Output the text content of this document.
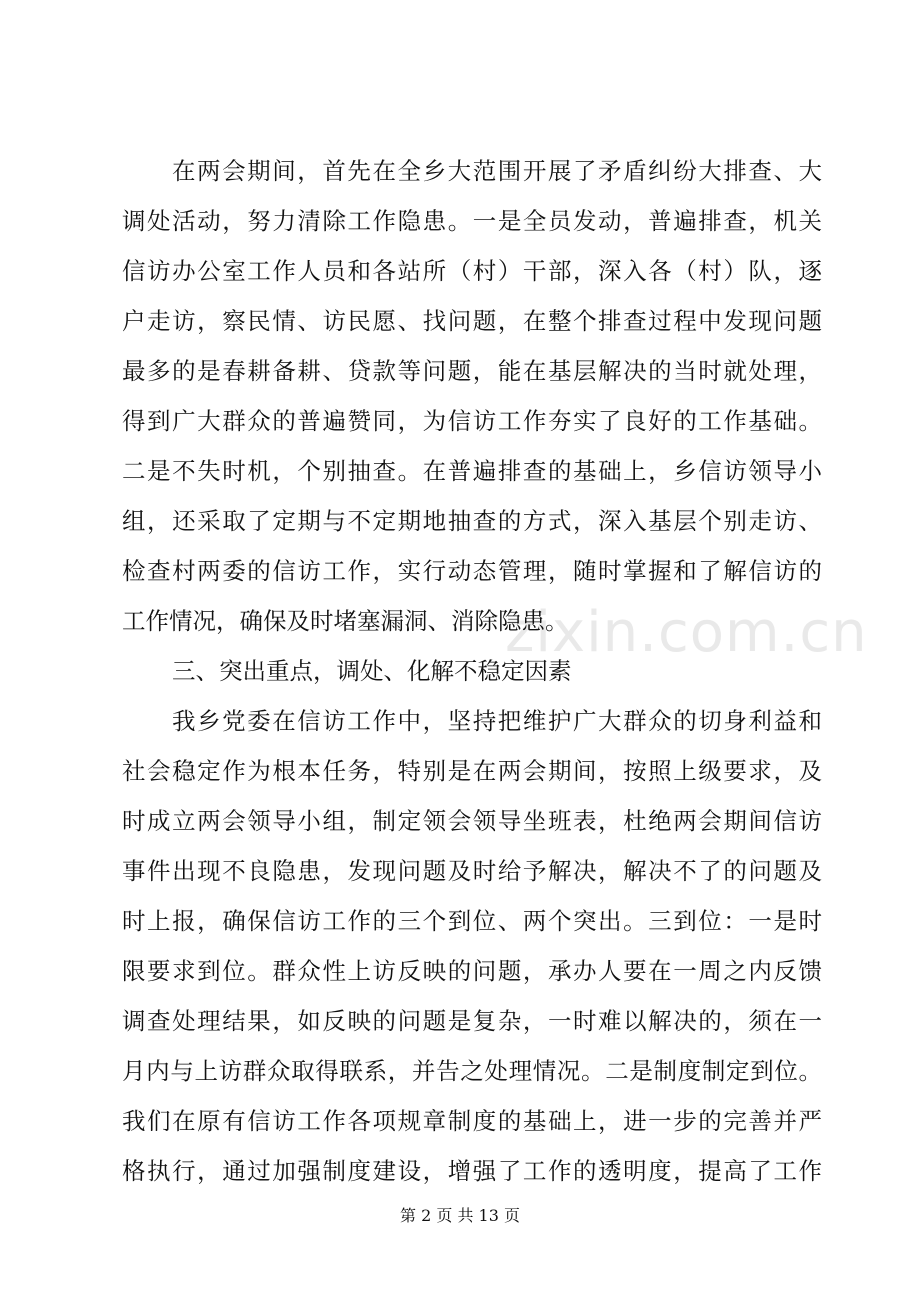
zixin.com.cn
在两会期间，首先在全乡大范围开展了矛盾纠纷大排查、大
调处活动，努力清除工作隐患。一是全员发动，普遍排查，机关
信访办公室工作人员和各站所（村）干部，深入各（村）队，逐
户走访，察民情、访民愿、找问题，在整个排查过程中发现问题
最多的是春耕备耕、贷款等问题，能在基层解决的当时就处理，
得到广大群众的普遍赞同，为信访工作夯实了良好的工作基础。
二是不失时机，个别抽查。在普遍排查的基础上，乡信访领导小
组，还采取了定期与不定期地抽查的方式，深入基层个别走访、
检查村两委的信访工作，实行动态管理，随时掌握和了解信访的
工作情况，确保及时堵塞漏洞、消除隐患。
三、突出重点，调处、化解不稳定因素
我乡党委在信访工作中，坚持把维护广大群众的切身利益和
社会稳定作为根本任务，特别是在两会期间，按照上级要求，及
时成立两会领导小组，制定领会领导坐班表，杜绝两会期间信访
事件出现不良隐患，发现问题及时给予解决，解决不了的问题及
时上报，确保信访工作的三个到位、两个突出。三到位：一是时
限要求到位。群众性上访反映的问题，承办人要在一周之内反馈
调查处理结果，如反映的问题是复杂，一时难以解决的，须在一
月内与上访群众取得联系，并告之处理情况。二是制度制定到位。
我们在原有信访工作各项规章制度的基础上，进一步的完善并严
格执行，通过加强制度建设，增强了工作的透明度，提高了工作
第 2 页 共 13 页
